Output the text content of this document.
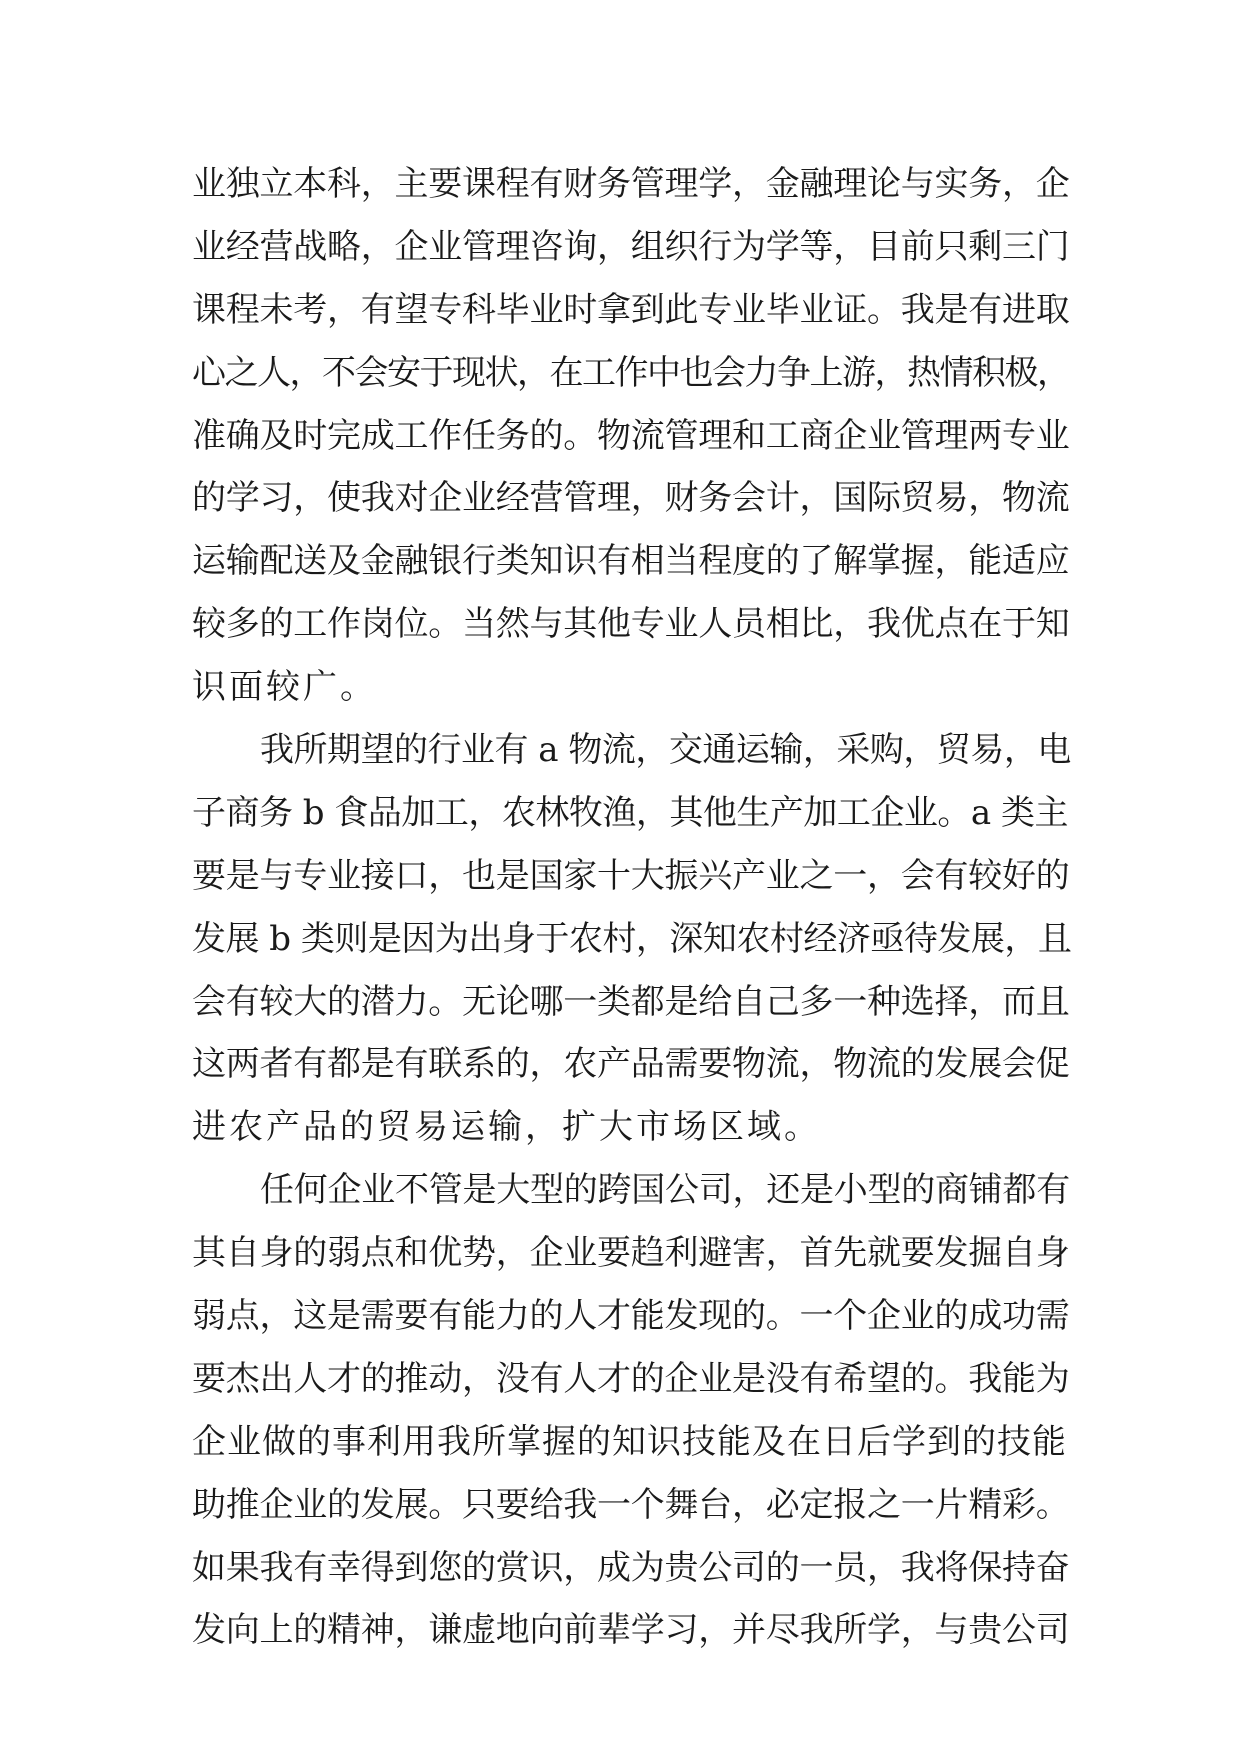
业独立本科，主要课程有财务管理学，金融理论与实务，企
业经营战略，企业管理咨询，组织行为学等，目前只剩三门
课程未考，有望专科毕业时拿到此专业毕业证。我是有进取
心之人，不会安于现状，在工作中也会力争上游，热情积极，
准确及时完成工作任务的。物流管理和工商企业管理两专业
的学习，使我对企业经营管理，财务会计，国际贸易，物流
运输配送及金融银行类知识有相当程度的了解掌握，能适应
较多的工作岗位。当然与其他专业人员相比，我优点在于知
识面较广。
我所期望的行业有 a 物流，交通运输，采购，贸易，电
子商务 b 食品加工，农林牧渔，其他生产加工企业。a 类主
要是与专业接口，也是国家十大振兴产业之一，会有较好的
发展 b 类则是因为出身于农村，深知农村经济亟待发展，且
会有较大的潜力。无论哪一类都是给自己多一种选择，而且
这两者有都是有联系的，农产品需要物流，物流的发展会促
进农产品的贸易运输，扩大市场区域。
任何企业不管是大型的跨国公司，还是小型的商铺都有
其自身的弱点和优势，企业要趋利避害，首先就要发掘自身
弱点，这是需要有能力的人才能发现的。一个企业的成功需
要杰出人才的推动，没有人才的企业是没有希望的。我能为
企业做的事利用我所掌握的知识技能及在日后学到的技能
助推企业的发展。只要给我一个舞台，必定报之一片精彩。
如果我有幸得到您的赏识，成为贵公司的一员，我将保持奋
发向上的精神，谦虚地向前辈学习，并尽我所学，与贵公司
